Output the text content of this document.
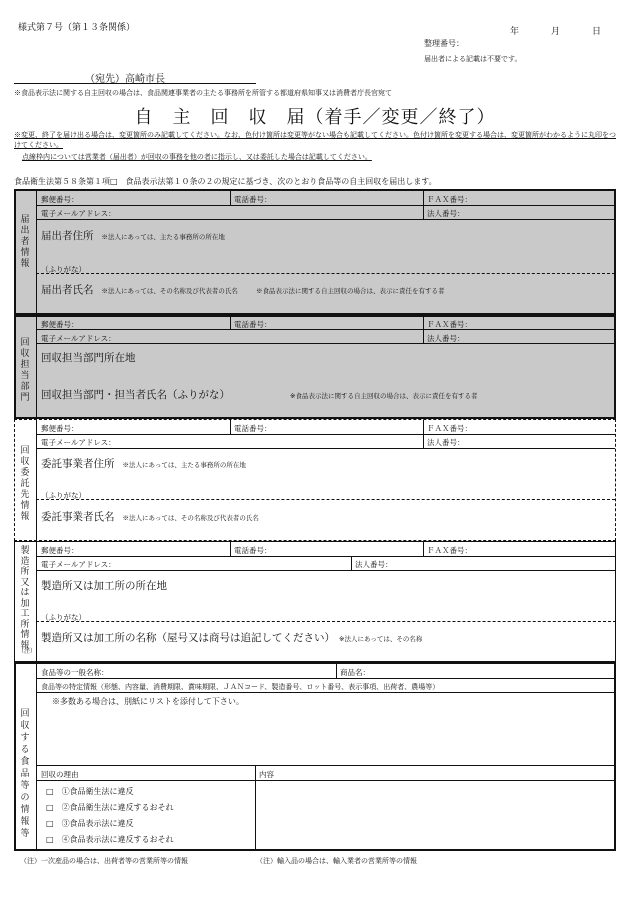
様式第７号（第１３条関係）	年	月	日
整理番号：
届出者による記載は不要です。
（宛先）高崎市長
※食品表示法に関する自主回収の場合は、食品関連事業者の主たる事務所を所管する都道府県知事又は消費者庁長官宛て
自　主　回　収　届（着手／変更／終了）
※変更、終了を届け出る場合は、変更箇所のみ記載してください。なお、色付け箇所は変更等がない場合も記載してください。色付け箇所を変更する場合は、変更箇所がわかるように丸印をつけてください。
点線枠内については営業者（届出者）が回収の事務を他の者に指示し、又は委託した場合は記載してください。
食品衛生法第５８条第１項□　食品表示法第１０条の２の規定に基づき、次のとおり食品等の自主回収を届出します。
届出者情報
郵便番号：	電話番号：	ＦＡＸ番号：
電子メールアドレス：	法人番号：
届出者住所 ※法人にあっては、主たる事務所の所在地
（ふりがな）
届出者氏名 ※法人にあっては、その名称及び代表者の氏名	※食品表示法に関する自主回収の場合は、表示に責任を有する者
回収担当部門
郵便番号：	電話番号：	ＦＡＸ番号：
電子メールアドレス：	法人番号：
回収担当部門所在地
回収担当部門・担当者氏名（ふりがな）	※食品表示法に関する自主回収の場合は、表示に責任を有する者
回収委託先情報
郵便番号：	電話番号：	ＦＡＸ番号：
電子メールアドレス：	法人番号：
委託事業者住所 ※法人にあっては、主たる事務所の所在地
（ふりがな）
委託事業者氏名 ※法人にあっては、その名称及び代表者の氏名
製造所又は加工所情報
（注）
郵便番号：	電話番号：	ＦＡＸ番号：
電子メールアドレス：	法人番号：
製造所又は加工所の所在地
（ふりがな）
製造所又は加工所の名称（屋号又は商号は追記してください） ※法人にあっては、その名称
回収する食品等の情報等
食品等の一般名称：	商品名：
食品等の特定情報（形態、内容量、消費期限、賞味期限、ＪＡＮコード、製造番号、ロット番号、表示事項、出荷者、農場等）
※多数ある場合は、別紙にリストを添付して下さい。
回収の理由	内容
□　 ①食品衛生法に違反
□　 ②食品衛生法に違反するおそれ
□　 ③食品表示法に違反
□　 ④食品表示法に違反するおそれ
（注）一次産品の場合は、出荷者等の営業所等の情報	（注）輸入品の場合は、輸入業者の営業所等の情報
